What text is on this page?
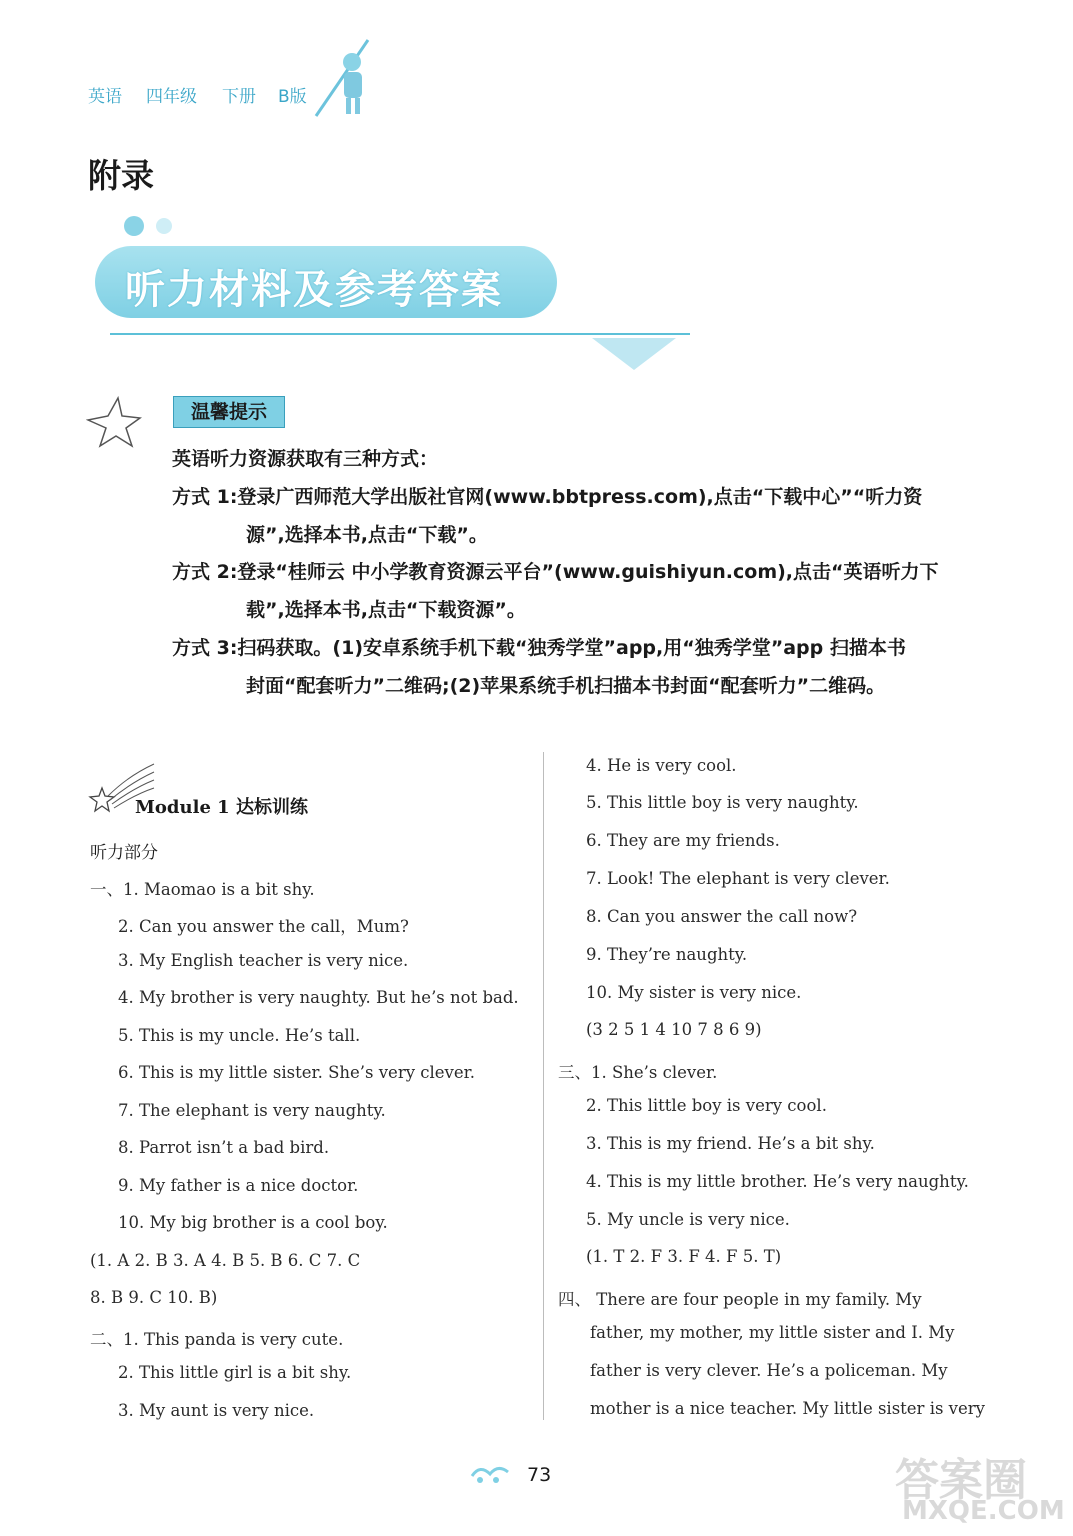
英语 四年级 下册 B版
附录
听力材料及参考答案
温馨提示
英语听力资源获取有三种方式：
方式 1:登录广西师范大学出版社官网(www.bbtpress.com),点击“下载中心”“听力资
源”,选择本书,点击“下载”。
方式 2:登录“桂师云 中小学教育资源云平台”(www.guishiyun.com),点击“英语听力下
载”,选择本书,点击“下载资源”。
方式 3:扫码获取。(1)安卓系统手机下载“独秀学堂”app,用“独秀学堂”app 扫描本书
封面“配套听力”二维码;(2)苹果系统手机扫描本书封面“配套听力”二维码。
Module 1 达标训练
听力部分
一、1. Maomao is a bit shy.
2. Can you answer the call，Mum?
3. My English teacher is very nice.
4. My brother is very naughty. But he’s not bad.
5. This is my uncle. He’s tall.
6. This is my little sister. She’s very clever.
7. The elephant is very naughty.
8. Parrot isn’t a bad bird.
9. My father is a nice doctor.
10. My big brother is a cool boy.
(1. A 2. B 3. A 4. B 5. B 6. C 7. C
8. B 9. C 10. B)
二、1. This panda is very cute.
2. This little girl is a bit shy.
3. My aunt is very nice.
4. He is very cool.
5. This little boy is very naughty.
6. They are my friends.
7. Look! The elephant is very clever.
8. Can you answer the call now?
9. They’re naughty.
10. My sister is very nice.
(3 2 5 1 4 10 7 8 6 9)
三、1. She’s clever.
2. This little boy is very cool.
3. This is my friend. He’s a bit shy.
4. This is my little brother. He’s very naughty.
5. My uncle is very nice.
(1. T 2. F 3. F 4. F 5. T)
四、 There are four people in my family. My
father, my mother, my little sister and I. My
father is very clever. He’s a policeman. My
mother is a nice teacher. My little sister is very
73	答案圈
MXQE.COM
